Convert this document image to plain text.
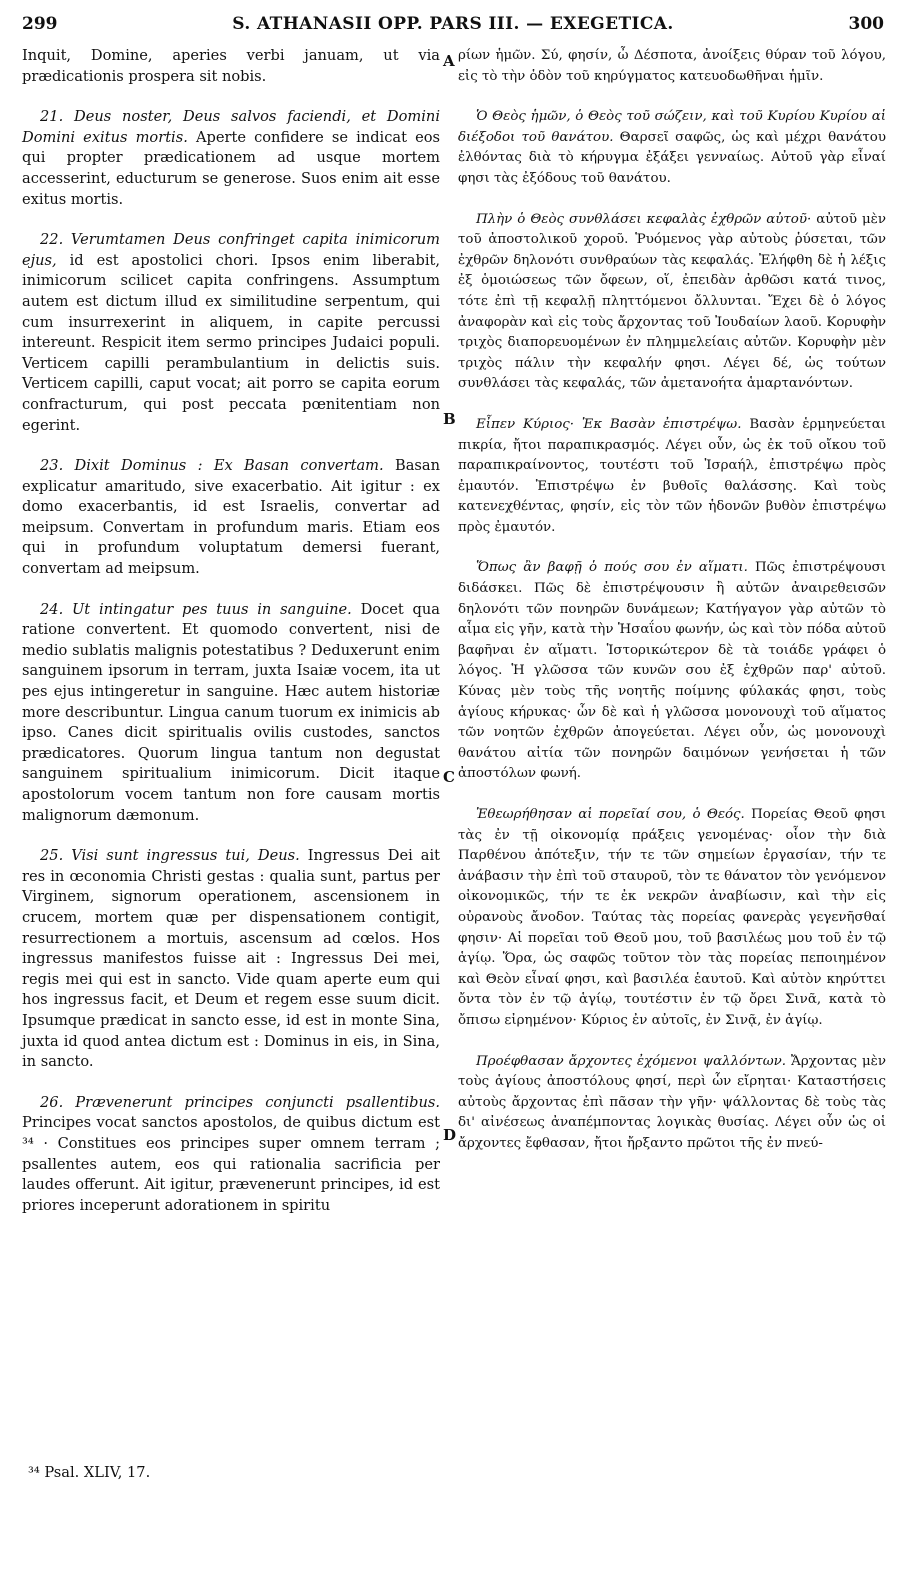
299	S. ATHANASII OPP. PARS III. — EXEGETICA.	300

Inquit, Domine, aperies verbi januam, ut via prædicationis prospera sit nobis.

21. Deus noster, Deus salvos faciendi, et Domini Domini exitus mortis. Aperte confidere se indicat eos qui propter prædicationem ad usque mortem accesserint, educturum se generose. Suos enim ait esse exitus mortis.

22. Verumtamen Deus confringet capita inimicorum ejus, id est apostolici chori. Ipsos enim liberabit, inimicorum scilicet capita confringens. Assumptum autem est dictum illud ex similitudine serpentum, qui cum insurrexerint in aliquem, in capite percussi intereunt. Respicit item sermo principes Judaici populi. Verticem capilli perambulantium in delictis suis. Verticem capilli, caput vocat; ait porro se capita eorum confracturum, qui post peccata pœnitentiam non egerint.

23. Dixit Dominus : Ex Basan convertam. Basan explicatur amaritudo, sive exacerbatio. Ait igitur : ex domo exacerbantis, id est Israelis, convertar ad meipsum. Convertam in profundum maris. Etiam eos qui in profundum voluptatum demersi fuerant, convertam ad meipsum.

24. Ut intingatur pes tuus in sanguine. Docet qua ratione convertent. Et quomodo convertent, nisi de medio sublatis malignis potestatibus ? Deduxerunt enim sanguinem ipsorum in terram, juxta Isaiæ vocem, ita ut pes ejus intingeretur in sanguine. Hæc autem historiæ more describuntur. Lingua canum tuorum ex inimicis ab ipso. Canes dicit spiritualis ovilis custodes, sanctos prædicatores. Quorum lingua tantum non degustat sanguinem spiritualium inimicorum. Dicit itaque apostolorum vocem tantum non fore causam mortis malignorum dæmonum.

25. Visi sunt ingressus tui, Deus. Ingressus Dei ait res in œconomia Christi gestas : qualia sunt, partus per Virginem, signorum operationem, ascensionem in crucem, mortem quæ per dispensationem contigit, resurrectionem a mortuis, ascensum ad cœlos. Hos ingressus manifestos fuisse ait : Ingressus Dei mei, regis mei qui est in sancto. Vide quam aperte eum qui hos ingressus facit, et Deum et regem esse suum dicit. Ipsumque prædicat in sancto esse, id est in monte Sina, juxta id quod antea dictum est : Dominus in eis, in Sina, in sancto.

26. Prævenerunt principes conjuncti psallentibus. Principes vocat sanctos apostolos, de quibus dictum est ³⁴ · Constitues eos principes super omnem terram ; psallentes autem, eos qui rationalia sacrificia per laudes offerunt. Ait igitur, prævenerunt principes, id est priores inceperunt adorationem in spiritu

ρίων ἡμῶν. Σύ, φησίν, ὦ Δέσποτα, ἀνοίξεις θύραν τοῦ λόγου, εἰς τὸ τὴν ὁδὸν τοῦ κηρύγματος κατευοδωθῆναι ἡμῖν.

Ὁ Θεὸς ἡμῶν, ὁ Θεὸς τοῦ σώζειν, καὶ τοῦ Κυρίου Κυρίου αἱ διέξοδοι τοῦ θανάτου. Θαρσεῖ σαφῶς, ὡς καὶ μέχρι θανάτου ἐλθόντας διὰ τὸ κήρυγμα ἐξάξει γενναίως. Αὐτοῦ γὰρ εἶναί φησι τὰς ἐξόδους τοῦ θανάτου.

Πλὴν ὁ Θεὸς συνθλάσει κεφαλὰς ἐχθρῶν αὐτοῦ· αὐτοῦ μὲν τοῦ ἀποστολικοῦ χοροῦ. Ῥυόμενος γὰρ αὐτοὺς ῥύσεται, τῶν ἐχθρῶν δηλονότι συνθραύων τὰς κεφαλάς. Ἐλήφθη δὲ ἡ λέξις ἐξ ὁμοιώσεως τῶν ὄφεων, οἵ, ἐπειδὰν ἀρθῶσι κατά τινος, τότε ἐπὶ τῇ κεφαλῇ πληττόμενοι ὄλλυνται. Ἔχει δὲ ὁ λόγος ἀναφορὰν καὶ εἰς τοὺς ἄρχοντας τοῦ Ἰουδαίων λαοῦ. Κορυφὴν τριχὸς διαπορευομένων ἐν πλημμελείαις αὐτῶν. Κορυφὴν μὲν τριχὸς πάλιν τὴν κεφαλήν φησι. Λέγει δέ, ὡς τούτων συνθλάσει τὰς κεφαλάς, τῶν ἀμετανοήτα ἁμαρτανόντων.

Εἶπεν Κύριος· Ἐκ Βασὰν ἐπιστρέψω. Βασὰν ἑρμηνεύεται πικρία, ἤτοι παραπικρασμός. Λέγει οὖν, ὡς ἐκ τοῦ οἴκου τοῦ παραπικραίνοντος, τουτέστι τοῦ Ἰσραήλ, ἐπιστρέψω πρὸς ἐμαυτόν. Ἐπιστρέψω ἐν βυθοῖς θαλάσσης. Καὶ τοὺς κατενεχθέντας, φησίν, εἰς τὸν τῶν ἡδονῶν βυθὸν ἐπιστρέψω πρὸς ἐμαυτόν.

Ὅπως ἂν βαφῇ ὁ πούς σου ἐν αἵματι. Πῶς ἐπιστρέψουσι διδάσκει. Πῶς δὲ ἐπιστρέψουσιν ἢ αὐτῶν ἀναιρεθεισῶν δηλονότι τῶν πονηρῶν δυνάμεων; Κατήγαγον γὰρ αὐτῶν τὸ αἷμα εἰς γῆν, κατὰ τὴν Ἡσαΐου φωνήν, ὡς καὶ τὸν πόδα αὐτοῦ βαφῆναι ἐν αἵματι. Ἱστορικώτερον δὲ τὰ τοιάδε γράφει ὁ λόγος. Ἡ γλῶσσα τῶν κυνῶν σου ἐξ ἐχθρῶν παρ' αὐτοῦ. Κύνας μὲν τοὺς τῆς νοητῆς ποίμνης φύλακάς φησι, τοὺς ἁγίους κήρυκας· ὧν δὲ καὶ ἡ γλῶσσα μονονουχὶ τοῦ αἵματος τῶν νοητῶν ἐχθρῶν ἀπογεύεται. Λέγει οὖν, ὡς μονονουχὶ θανάτου αἰτία τῶν πονηρῶν δαιμόνων γενήσεται ἡ τῶν ἀποστόλων φωνή.

Ἐθεωρήθησαν αἱ πορεῖαί σου, ὁ Θεός. Πορείας Θεοῦ φησι τὰς ἐν τῇ οἰκονομίᾳ πράξεις γενομένας· οἷον τὴν διὰ Παρθένου ἀπότεξιν, τήν τε τῶν σημείων ἐργασίαν, τήν τε ἀνάβασιν τὴν ἐπὶ τοῦ σταυροῦ, τὸν τε θάνατον τὸν γενόμενον οἰκονομικῶς, τήν τε ἐκ νεκρῶν ἀναβίωσιν, καὶ τὴν εἰς οὐρανοὺς ἄνοδον. Ταύτας τὰς πορείας φανερὰς γεγενῆσθαί φησιν· Αἱ πορεῖαι τοῦ Θεοῦ μου, τοῦ βασιλέως μου τοῦ ἐν τῷ ἁγίῳ. Ὅρα, ὡς σαφῶς τοῦτον τὸν τὰς πορείας πεποιημένον καὶ Θεὸν εἶναί φησι, καὶ βασιλέα ἑαυτοῦ. Καὶ αὐτὸν κηρύττει ὄντα τὸν ἐν τῷ ἁγίῳ, τουτέστιν ἐν τῷ ὄρει Σινᾶ, κατὰ τὸ ὄπισω εἰρημένον· Κύριος ἐν αὐτοῖς, ἐν Σινᾷ, ἐν ἁγίῳ.

Προέφθασαν ἄρχοντες ἐχόμενοι ψαλλόντων. Ἄρχοντας μὲν τοὺς ἁγίους ἀποστόλους φησί, περὶ ὧν εἴρηται· Καταστήσεις αὐτοὺς ἄρχοντας ἐπὶ πᾶσαν τὴν γῆν· ψάλλοντας δὲ τοὺς τὰς δι' αἰνέσεως ἀναπέμποντας λογικὰς θυσίας. Λέγει οὖν ὡς οἱ ἄρχοντες ἔφθασαν, ἤτοι ἤρξαντο πρῶτοι τῆς ἐν πνεύ-

A
B
C
D
³⁴ Psal. XLIV, 17.
